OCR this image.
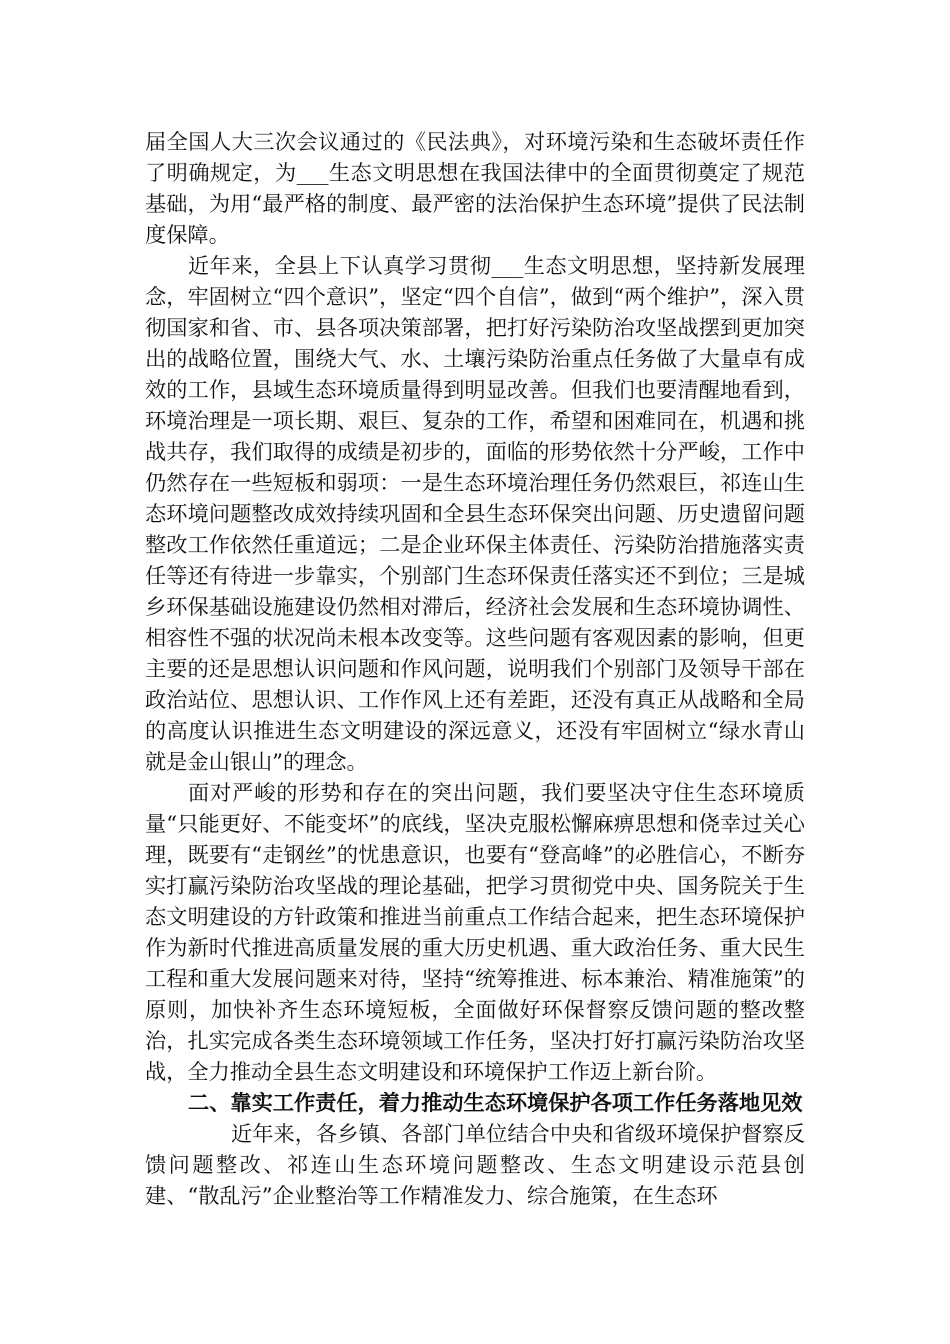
届全国人大三次会议通过的《民法典》，对环境污染和生态破坏责任作了明确规定，为___生态文明思想在我国法律中的全面贯彻奠定了规范基础，为用“最严格的制度、最严密的法治保护生态环境”提供了民法制度保障。

近年来，全县上下认真学习贯彻___生态文明思想，坚持新发展理念，牢固树立“四个意识”，坚定“四个自信”，做到“两个维护”，深入贯彻国家和省、市、县各项决策部署，把打好污染防治攻坚战摆到更加突出的战略位置，围绕大气、水、土壤污染防治重点任务做了大量卓有成效的工作，县域生态环境质量得到明显改善。但我们也要清醒地看到，环境治理是一项长期、艰巨、复杂的工作，希望和困难同在，机遇和挑战共存，我们取得的成绩是初步的，面临的形势依然十分严峻，工作中仍然存在一些短板和弱项：一是生态环境治理任务仍然艰巨，祁连山生态环境问题整改成效持续巩固和全县生态环保突出问题、历史遗留问题整改工作依然任重道远；二是企业环保主体责任、污染防治措施落实责任等还有待进一步靠实，个别部门生态环保责任落实还不到位；三是城乡环保基础设施建设仍然相对滞后，经济社会发展和生态环境协调性、相容性不强的状况尚未根本改变等。这些问题有客观因素的影响，但更主要的还是思想认识问题和作风问题，说明我们个别部门及领导干部在政治站位、思想认识、工作作风上还有差距，还没有真正从战略和全局的高度认识推进生态文明建设的深远意义，还没有牢固树立“绿水青山就是金山银山”的理念。

面对严峻的形势和存在的突出问题，我们要坚决守住生态环境质量“只能更好、不能变坏”的底线，坚决克服松懈麻痹思想和侥幸过关心理，既要有“走钢丝”的忧患意识，也要有“登高峰”的必胜信心，不断夯实打赢污染防治攻坚战的理论基础，把学习贯彻党中央、国务院关于生态文明建设的方针政策和推进当前重点工作结合起来，把生态环境保护作为新时代推进高质量发展的重大历史机遇、重大政治任务、重大民生工程和重大发展问题来对待，坚持“统筹推进、标本兼治、精准施策”的原则，加快补齐生态环境短板，全面做好环保督察反馈问题的整改整治，扎实完成各类生态环境领域工作任务，坚决打好打赢污染防治攻坚战，全力推动全县生态文明建设和环境保护工作迈上新台阶。

二、靠实工作责任，着力推动生态环境保护各项工作任务落地见效

近年来，各乡镇、各部门单位结合中央和省级环境保护督察反馈问题整改、祁连山生态环境问题整改、生态文明建设示范县创建、“散乱污”企业整治等工作精准发力、综合施策，在生态环
